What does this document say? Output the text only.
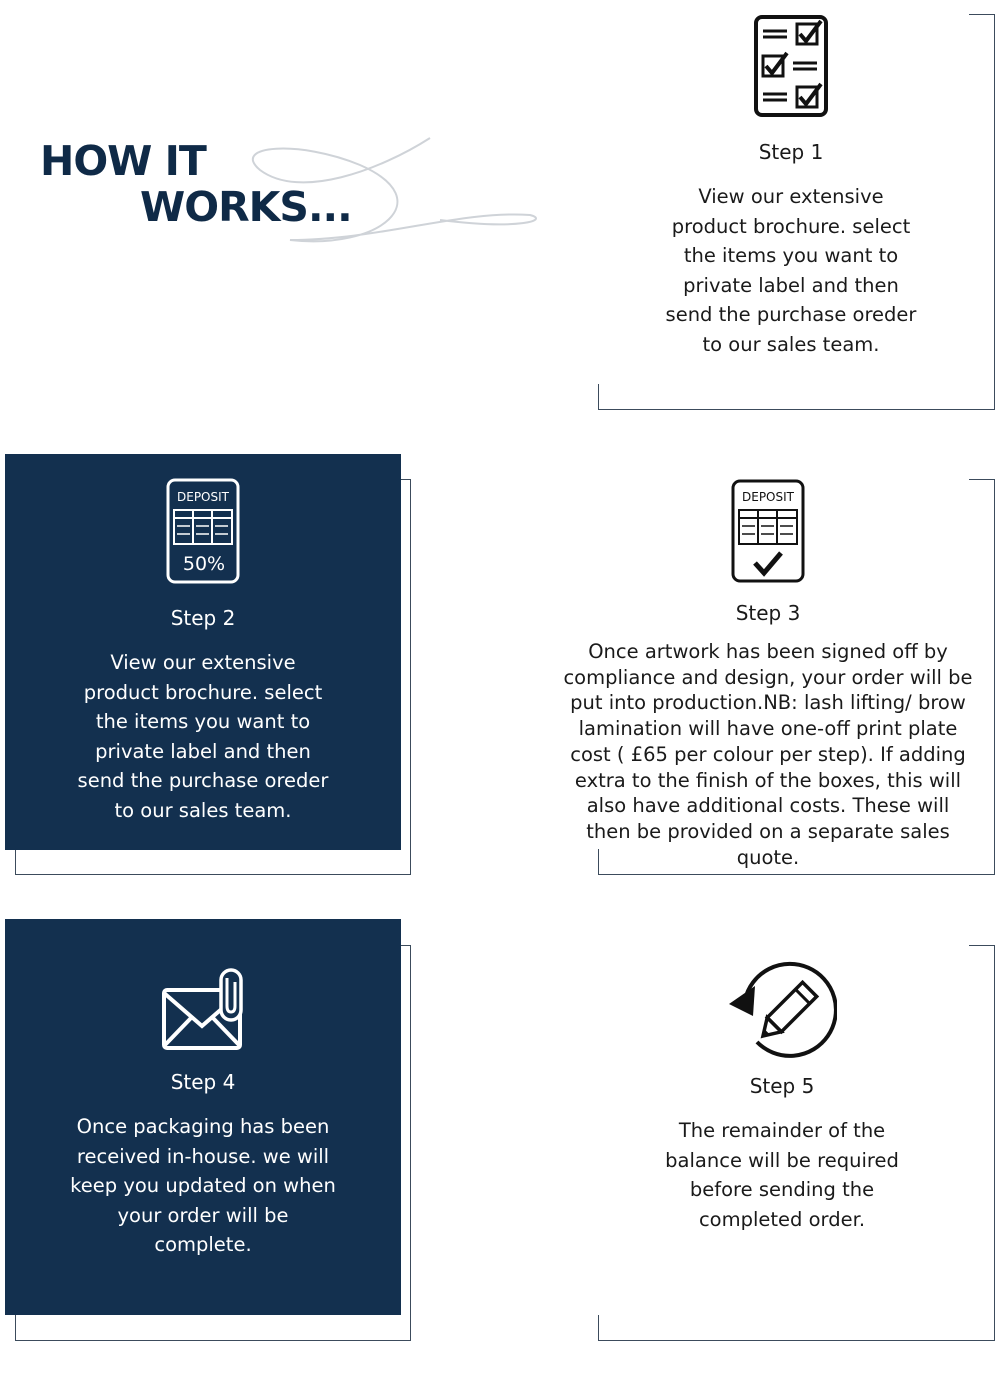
HOW IT
WORKS...

Step 1

View our extensive product brochure. select the items you want to private label and then send the purchase oreder to our sales team.

DEPOSIT
50%

Step 2

View our extensive product brochure. select the items you want to private label and then send the purchase oreder to our sales team.

DEPOSIT

Step 3

Once artwork has been signed off by compliance and design, your order will be put into production.NB: lash lifting/ brow lamination will have one-off print plate cost ( £65 per colour per step). If adding extra to the finish of the boxes, this will also have additional costs. These will then be provided on a separate sales quote.

Step 4

Once packaging has been received in-house. we will keep you updated on when your order will be complete.

Step 5

The remainder of the balance will be required before sending the completed order.
